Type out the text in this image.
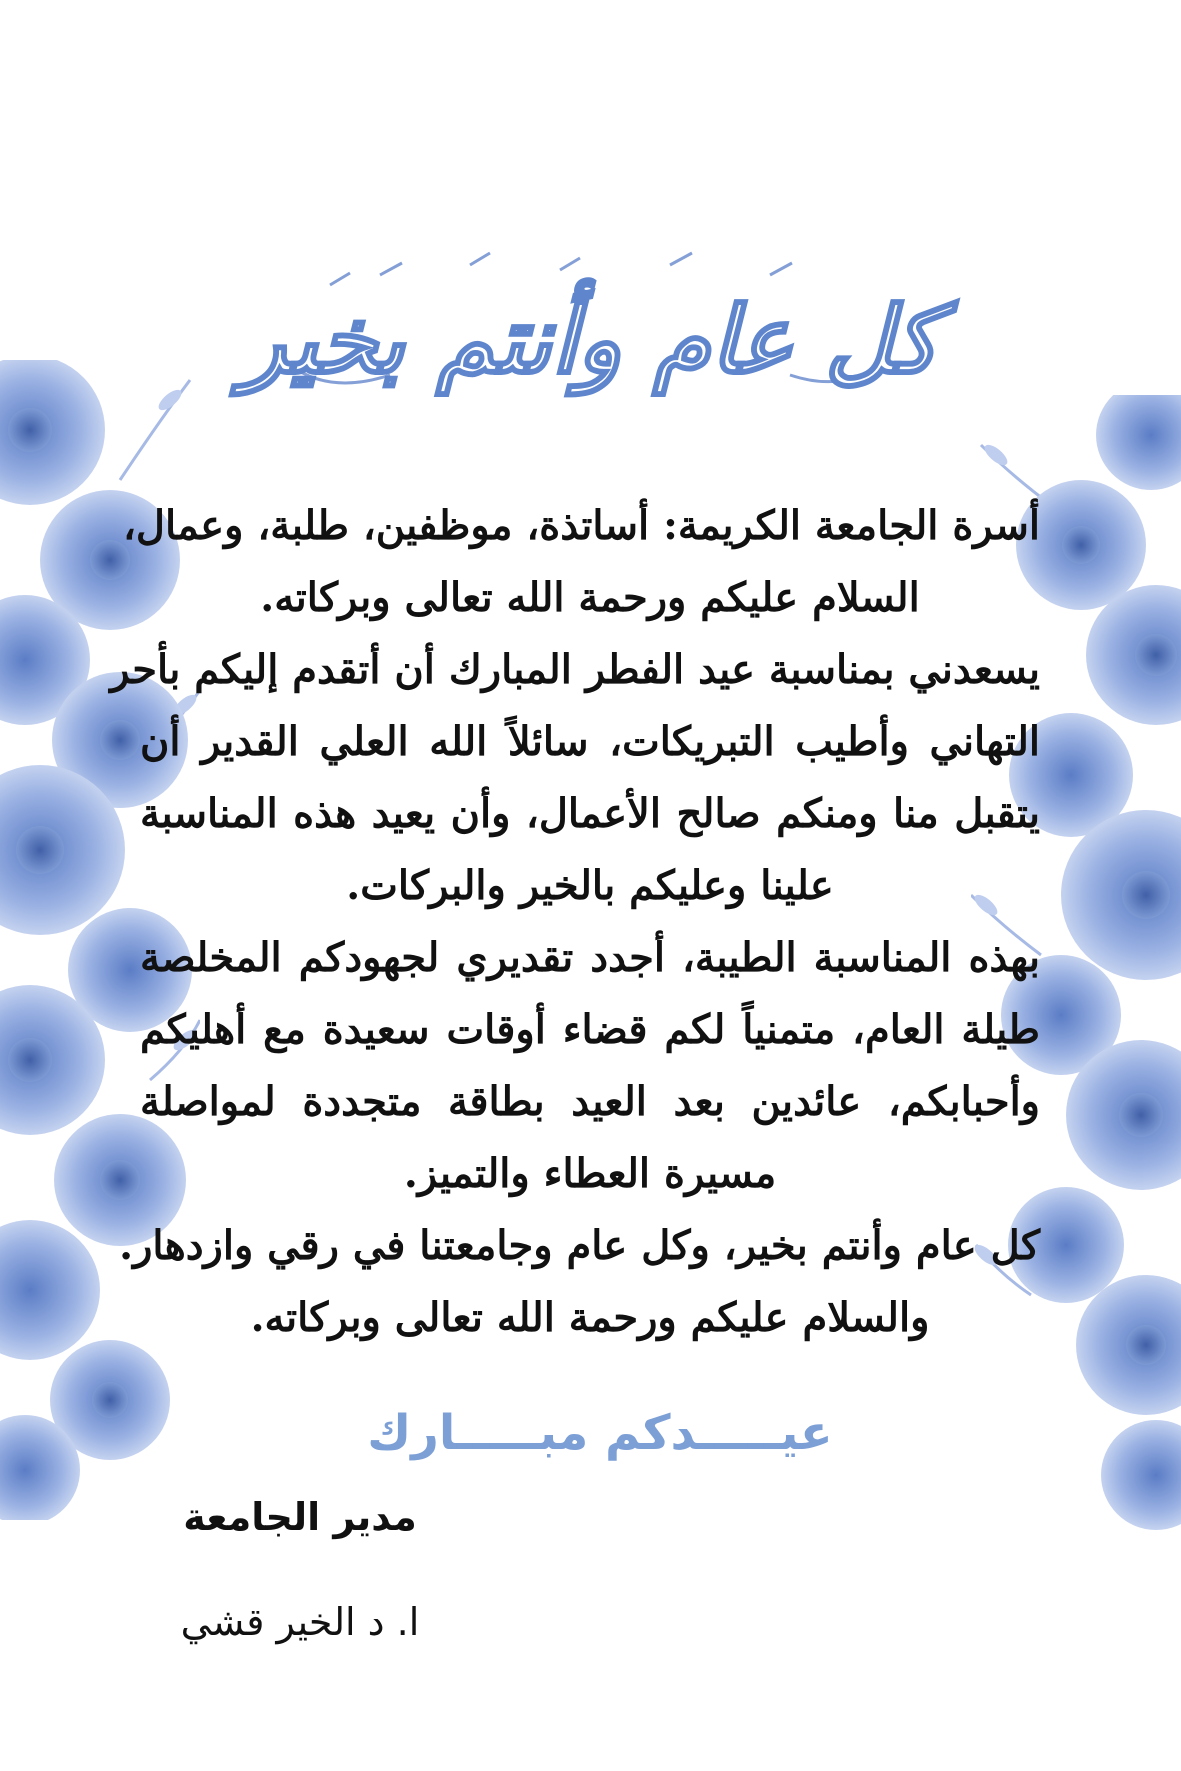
كل عام وأنتم بخير
أسرة الجامعة الكريمة: أساتذة، موظفين، طلبة، وعمال،
السلام عليكم ورحمة الله تعالى وبركاته.
يسعدني بمناسبة عيد الفطر المبارك أن أتقدم إليكم بأحر
التهاني وأطيب التبريكات، سائلاً الله العلي القدير أن
يتقبل منا ومنكم صالح الأعمال، وأن يعيد هذه المناسبة
علينا وعليكم بالخير والبركات.
بهذه المناسبة الطيبة، أجدد تقديري لجهودكم المخلصة
طيلة العام، متمنياً لكم قضاء أوقات سعيدة مع أهليكم
وأحبابكم، عائدين بعد العيد بطاقة متجددة لمواصلة
مسيرة العطاء والتميز.
كل عام وأنتم بخير، وكل عام وجامعتنا في رقي وازدهار.
والسلام عليكم ورحمة الله تعالى وبركاته.
عيـــــدكم مبـــــارك
مدير الجامعة
ا. د الخير قشي
